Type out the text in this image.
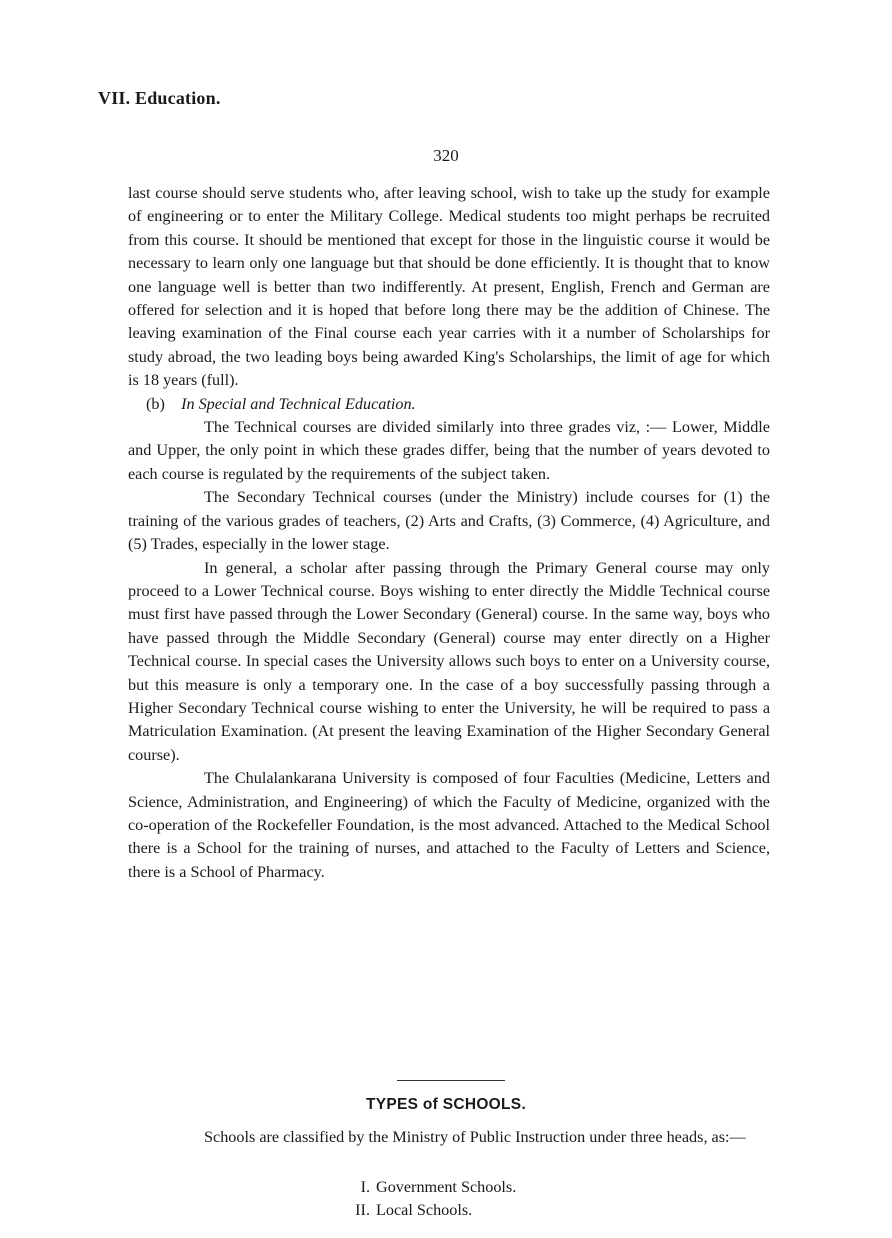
VII. Education.
320

last course should serve students who, after leaving school, wish to take up the study for example of engineering or to enter the Military College. Medical students too might perhaps be recruited from this course. It should be mentioned that except for those in the linguistic course it would be necessary to learn only one language but that should be done efficiently. It is thought that to know one language well is better than two indifferently. At present, English, French and German are offered for selection and it is hoped that before long there may be the addition of Chinese. The leaving examination of the Final course each year carries with it a number of Scholarships for study abroad, the two leading boys being awarded King's Scholarships, the limit of age for which is 18 years (full).

(b) In Special and Technical Education.

The Technical courses are divided similarly into three grades viz, :— Lower, Middle and Upper, the only point in which these grades differ, being that the number of years devoted to each course is regulated by the requirements of the subject taken.

The Secondary Technical courses (under the Ministry) include courses for (1) the training of the various grades of teachers, (2) Arts and Crafts, (3) Commerce, (4) Agriculture, and (5) Trades, especially in the lower stage.

In general, a scholar after passing through the Primary General course may only proceed to a Lower Technical course. Boys wishing to enter directly the Middle Technical course must first have passed through the Lower Secondary (General) course. In the same way, boys who have passed through the Middle Secondary (General) course may enter directly on a Higher Technical course. In special cases the University allows such boys to enter on a University course, but this measure is only a temporary one. In the case of a boy successfully passing through a Higher Secondary Technical course wishing to enter the University, he will be required to pass a Matriculation Examination. (At present the leaving Examination of the Higher Secondary General course).

The Chulalankarana University is composed of four Faculties (Medicine, Letters and Science, Administration, and Engineering) of which the Faculty of Medicine, organized with the co-operation of the Rockefeller Foundation, is the most advanced. Attached to the Medical School there is a School for the training of nurses, and attached to the Faculty of Letters and Science, there is a School of Pharmacy.

TYPES of SCHOOLS.

Schools are classified by the Ministry of Public Instruction under three heads, as:—

I. Government Schools.
II. Local Schools.
